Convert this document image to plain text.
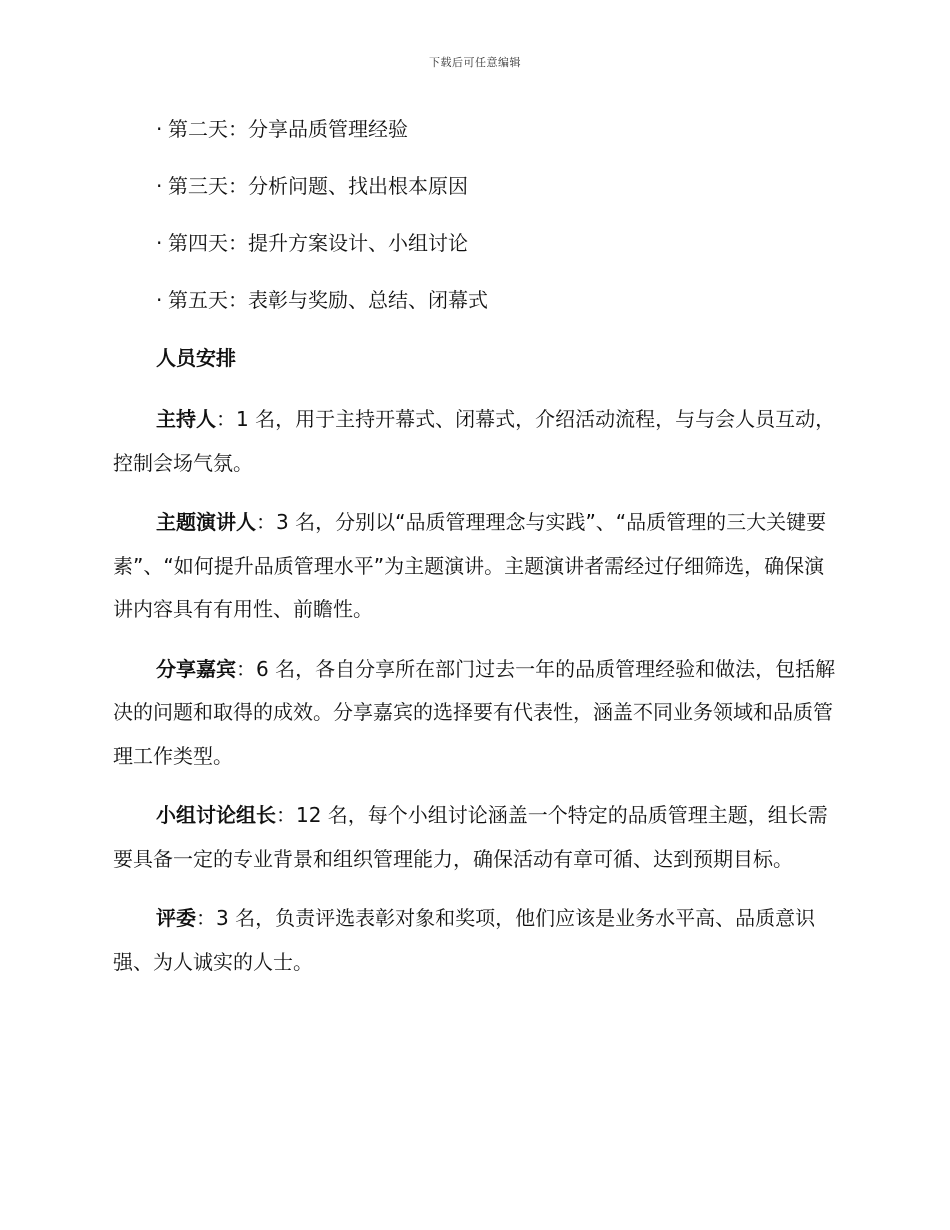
下载后可任意编辑
· 第二天：分享品质管理经验
· 第三天：分析问题、找出根本原因
· 第四天：提升方案设计、小组讨论
· 第五天：表彰与奖励、总结、闭幕式
人员安排

主持人：1 名，用于主持开幕式、闭幕式，介绍活动流程，与与会人员互动，控制会场气氛。

主题演讲人：3 名，分别以“品质管理理念与实践”、“品质管理的三大关键要素”、“如何提升品质管理水平”为主题演讲。主题演讲者需经过仔细筛选，确保演讲内容具有有用性、前瞻性。

分享嘉宾：6 名，各自分享所在部门过去一年的品质管理经验和做法，包括解决的问题和取得的成效。分享嘉宾的选择要有代表性，涵盖不同业务领域和品质管理工作类型。

小组讨论组长：12 名，每个小组讨论涵盖一个特定的品质管理主题，组长需要具备一定的专业背景和组织管理能力，确保活动有章可循、达到预期目标。

评委：3 名，负责评选表彰对象和奖项，他们应该是业务水平高、品质意识强、为人诚实的人士。
